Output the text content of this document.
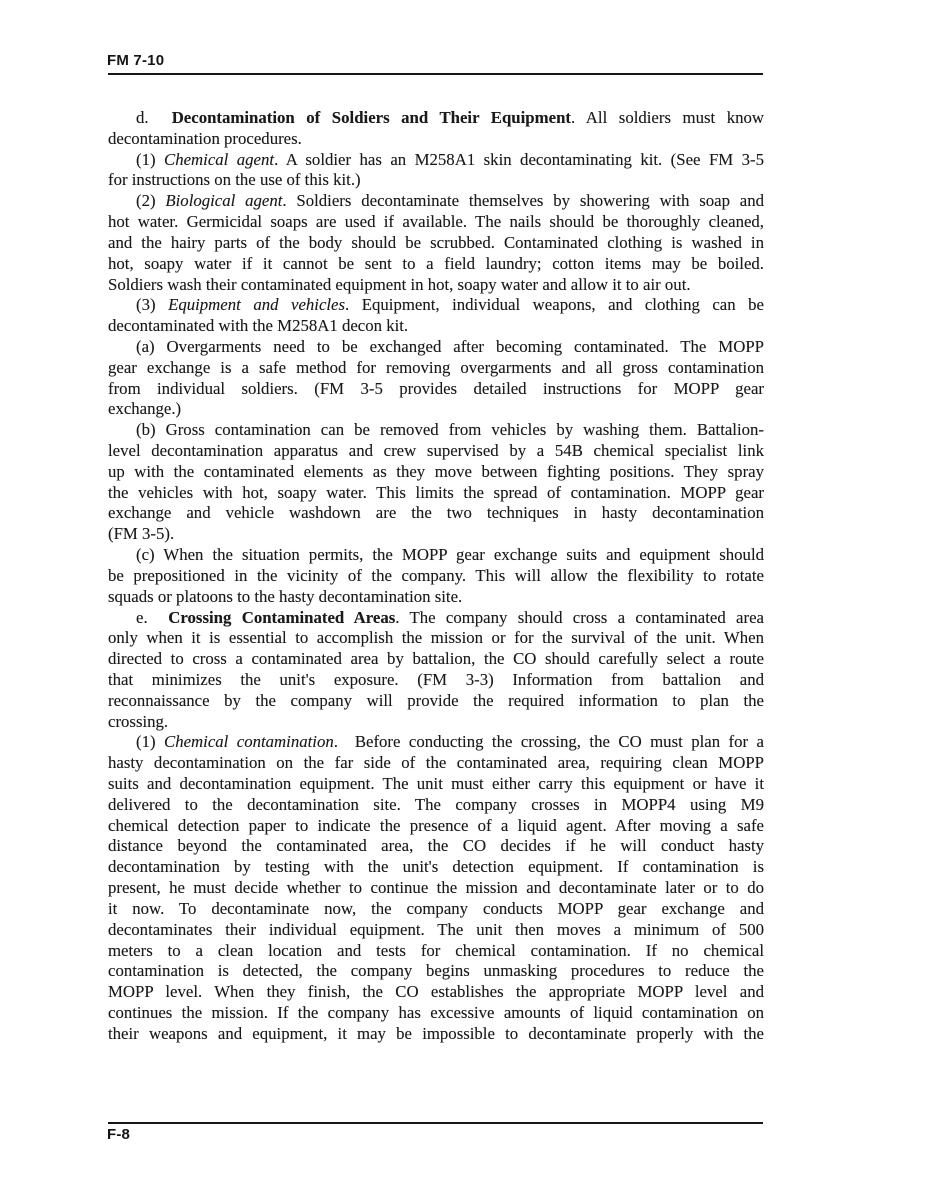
FM 7-10
d.  Decontamination of Soldiers and Their Equipment. All soldiers must know
decontamination procedures.
(1) Chemical agent. A soldier has an M258A1 skin decontaminating kit. (See FM 3-5
for instructions on the use of this kit.)
(2) Biological agent. Soldiers decontaminate themselves by showering with soap and
hot water. Germicidal soaps are used if available. The nails should be thoroughly cleaned,
and the hairy parts of the body should be scrubbed. Contaminated clothing is washed in
hot, soapy water if it cannot be sent to a field laundry; cotton items may be boiled.
Soldiers wash their contaminated equipment in hot, soapy water and allow it to air out.
(3) Equipment and vehicles. Equipment, individual weapons, and clothing can be
decontaminated with the M258A1 decon kit.
(a) Overgarments need to be exchanged after becoming contaminated. The MOPP
gear exchange is a safe method for removing overgarments and all gross contamination
from individual soldiers. (FM 3-5 provides detailed instructions for MOPP gear
exchange.)
(b) Gross contamination can be removed from vehicles by washing them. Battalion-
level decontamination apparatus and crew supervised by a 54B chemical specialist link
up with the contaminated elements as they move between fighting positions. They spray
the vehicles with hot, soapy water. This limits the spread of contamination. MOPP gear
exchange and vehicle washdown are the two techniques in hasty decontamination
(FM 3-5).
(c) When the situation permits, the MOPP gear exchange suits and equipment should
be prepositioned in the vicinity of the company. This will allow the flexibility to rotate
squads or platoons to the hasty decontamination site.
e.  Crossing Contaminated Areas. The company should cross a contaminated area
only when it is essential to accomplish the mission or for the survival of the unit. When
directed to cross a contaminated area by battalion, the CO should carefully select a route
that minimizes the unit's exposure. (FM 3-3) Information from battalion and
reconnaissance by the company will provide the required information to plan the
crossing.
(1) Chemical contamination.  Before conducting the crossing, the CO must plan for a
hasty decontamination on the far side of the contaminated area, requiring clean MOPP
suits and decontamination equipment. The unit must either carry this equipment or have it
delivered to the decontamination site. The company crosses in MOPP4 using M9
chemical detection paper to indicate the presence of a liquid agent. After moving a safe
distance beyond the contaminated area, the CO decides if he will conduct hasty
decontamination by testing with the unit's detection equipment. If contamination is
present, he must decide whether to continue the mission and decontaminate later or to do
it now. To decontaminate now, the company conducts MOPP gear exchange and
decontaminates their individual equipment. The unit then moves a minimum of 500
meters to a clean location and tests for chemical contamination. If no chemical
contamination is detected, the company begins unmasking procedures to reduce the
MOPP level. When they finish, the CO establishes the appropriate MOPP level and
continues the mission. If the company has excessive amounts of liquid contamination on
their weapons and equipment, it may be impossible to decontaminate properly with the
F-8
